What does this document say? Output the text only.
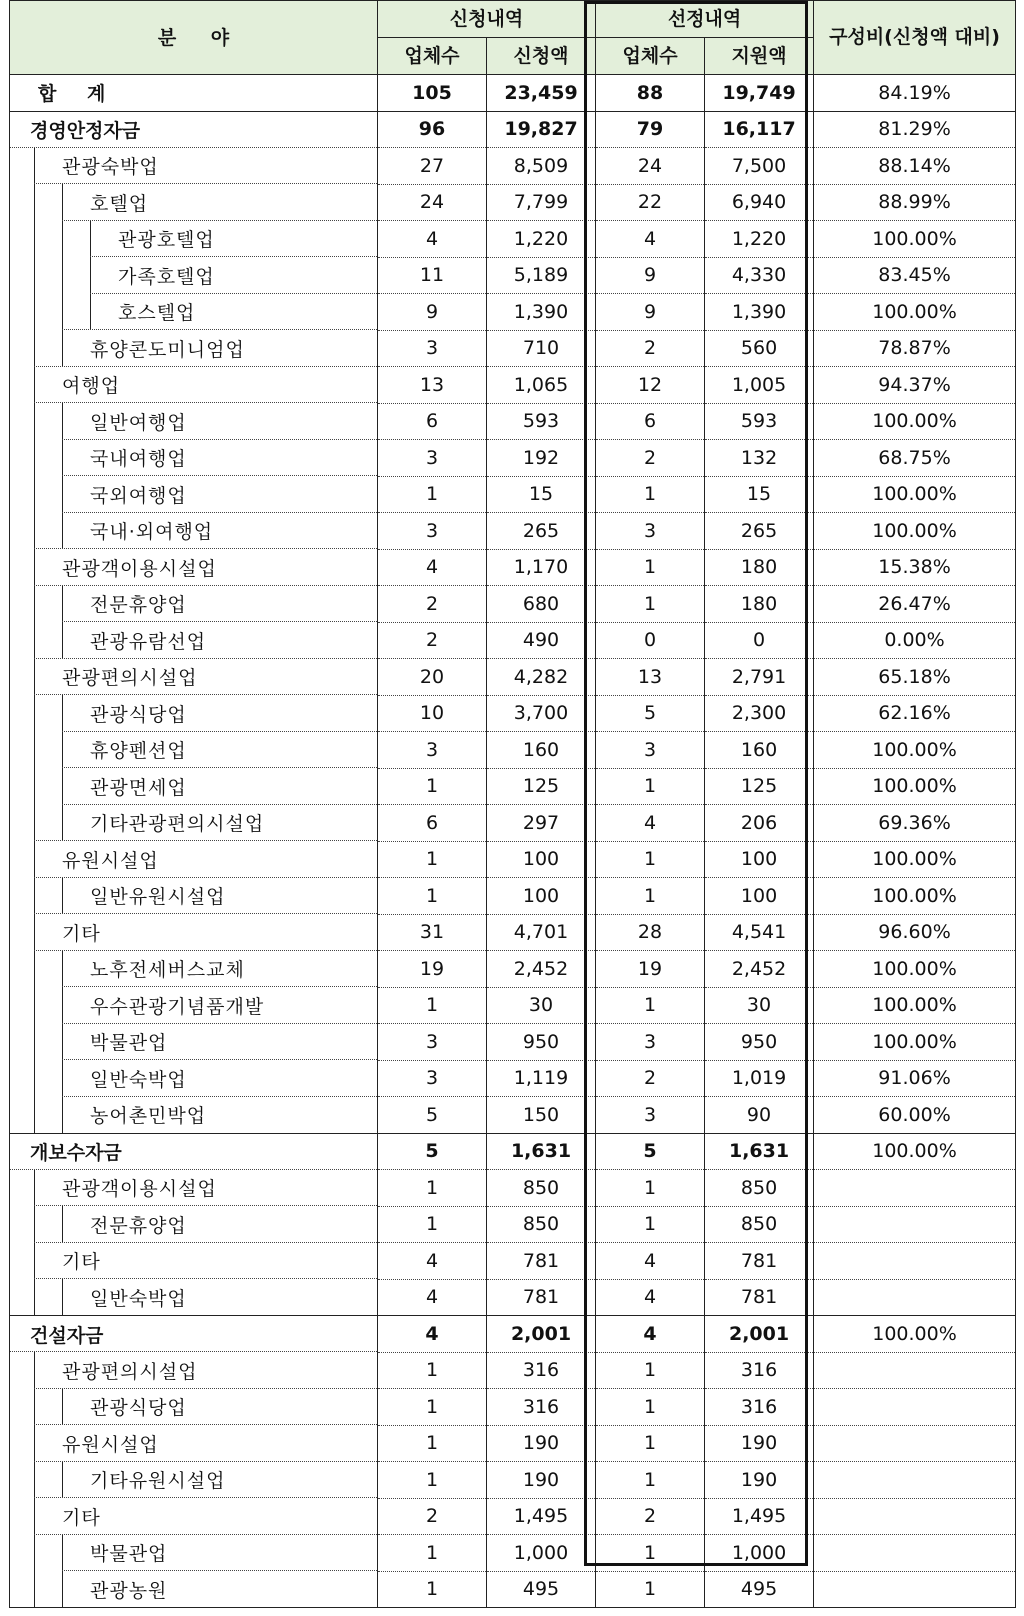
분 야	신청내역		선정내역		구성비(신청액 대비)
	업체수	신청액	업체수	지원액	

합 계	105	23,459	88	19,749	84.19%

경영안정자금	96	19,827	79	16,117	81.29%

관광숙박업	27	8,509	24	7,500	88.14%

호텔업	24	7,799	22	6,940	88.99%

관광호텔업	4	1,220	4	1,220	100.00%

가족호텔업	11	5,189	9	4,330	83.45%

호스텔업	9	1,390	9	1,390	100.00%

휴양콘도미니엄업	3	710	2	560	78.87%

여행업	13	1,065	12	1,005	94.37%

일반여행업	6	593	6	593	100.00%

국내여행업	3	192	2	132	68.75%

국외여행업	1	15	1	15	100.00%

국내·외여행업	3	265	3	265	100.00%

관광객이용시설업	4	1,170	1	180	15.38%

전문휴양업	2	680	1	180	26.47%

관광유람선업	2	490	0	0	0.00%

관광편의시설업	20	4,282	13	2,791	65.18%

관광식당업	10	3,700	5	2,300	62.16%

휴양펜션업	3	160	3	160	100.00%

관광면세업	1	125	1	125	100.00%

기타관광편의시설업	6	297	4	206	69.36%

유원시설업	1	100	1	100	100.00%

일반유원시설업	1	100	1	100	100.00%

기타	31	4,701	28	4,541	96.60%

노후전세버스교체	19	2,452	19	2,452	100.00%

우수관광기념품개발	1	30	1	30	100.00%

박물관업	3	950	3	950	100.00%

일반숙박업	3	1,119	2	1,019	91.06%

농어촌민박업	5	150	3	90	60.00%

개보수자금	5	1,631	5	1,631	100.00%

관광객이용시설업	1	850	1	850	

전문휴양업	1	850	1	850	

기타	4	781	4	781	

일반숙박업	4	781	4	781	

건설자금	4	2,001	4	2,001	100.00%

관광편의시설업	1	316	1	316	

관광식당업	1	316	1	316	

유원시설업	1	190	1	190	

기타유원시설업	1	190	1	190	

기타	2	1,495	2	1,495	

박물관업	1	1,000	1	1,000	

관광농원	1	495	1	495	
